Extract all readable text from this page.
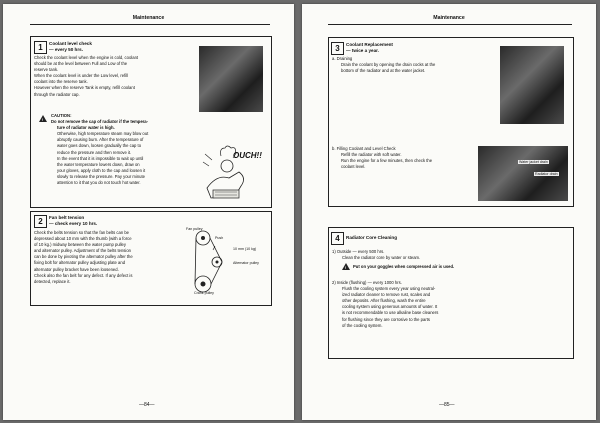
Maintenance
1	Coolant level check
— every 50 hrs.

Check the coolant level when the engine is cold, coolant

should be at the level between Full and Low of the

reserve tank.

When the coolant level is under the Low level, refill

coolant into the reserve tank.

However when the reserve Tank is empty, refill coolant

through the radiator cap.

!

CAUTION:

Do not remove the cap of radiator if the tempera-

ture of radiator water is high.

Otherwise, high temperature steam may blow out

abruptly causing burn. After the temperature of

water goes down, loosen gradually the cap to

reduce the pressure and then remove it.

In the event that it is impossible to wait up until

the water temperature lowers down, draw on

your gloves, apply cloth to the cap and loosen it

slowly to release the pressure. Pay your minute

attention to it that you do not touch hot water.

OUCH!!
2	Fan belt tension
— check every 10 hrs.

Check the belts tension so that the fan belts can be

depressed about 10 mm with the thumb (with a force

of 10 kg.) midway between the water pump pulley

and alternator pulley. Adjustment of the belts tension

can be done by pivoting the alternator pulley after the

fixing bolt for alternator pulley adjusting plate and

alternator pulley bracket have been loosened.

Check also the fan belt for any defect. If any defect is

detected, replace it.

Fan pulley
Push
10 mm (10 kg)
Alternator pulley
Crank pulley
—84—
Maintenance
3	Coolant Replacement
— twice a year.

a. Draining

Drain the coolant by opening the drain cocks at the

bottom of the radiator and at the water jacket.

b. Filling Coolant and Level Check

Refill the radiator with soft water.

Run the engine for a few minutes, then check the

coolant level.

Water jacket drain
Radiator drain
4	Radiator Core Cleaning

1) Outside — every 500 hrs.

Clean the radiator core by water or steam.

!
Put on your goggles when compressed air is used.

2) Inside (flushing) — every 1000 hrs.

Flush the cooling system every year using neutral-

ized radiator cleaner to remove rust, scales and

other deposits. After flushing, wash the entire

cooling system using generous amounts of water. It

is not recommendable to use alkaline base cleaners

for flushing since they are corrosive to the parts

of the cooling system.

—85—
